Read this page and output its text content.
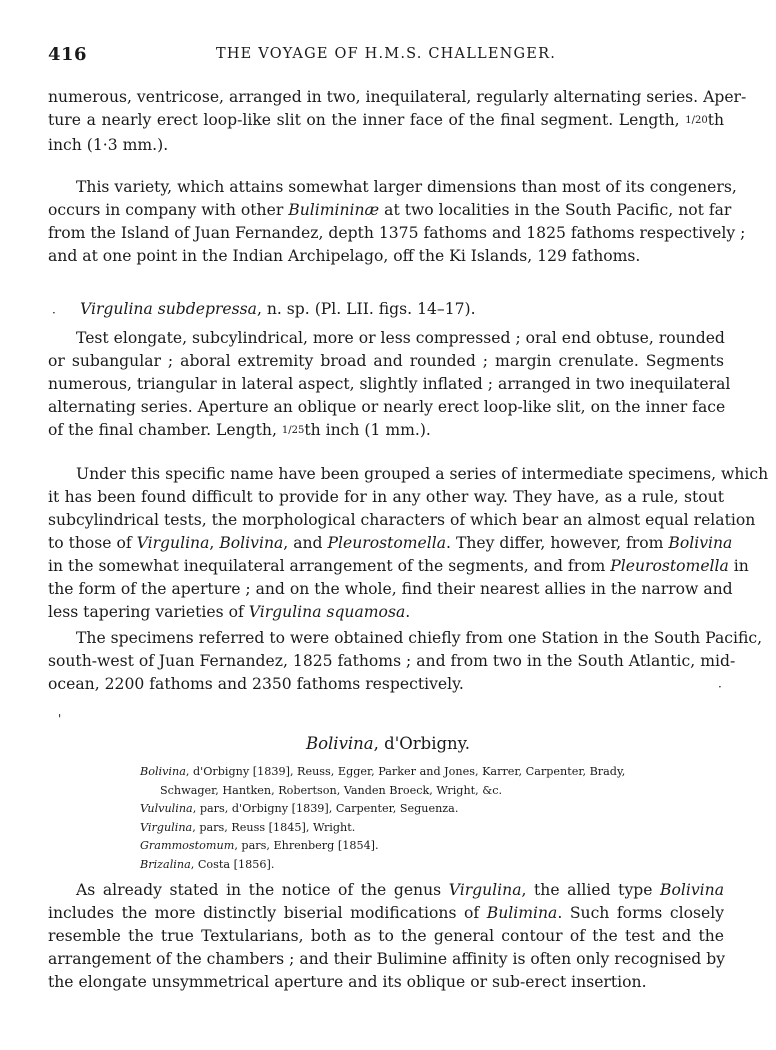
416	THE VOYAGE OF H.M.S. CHALLENGER.
numerous, ventricose, arranged in two, inequilateral, regularly alternating series. Aper-
ture a nearly erect loop-like slit on the inner face of the final segment. Length, 1/20th
inch (1·3 mm.).
This variety, which attains somewhat larger dimensions than most of its congeners,
occurs in company with other Bulimininæ at two localities in the South Pacific, not far
from the Island of Juan Fernandez, depth 1375 fathoms and 1825 fathoms respectively ;
and at one point in the Indian Archipelago, off the Ki Islands, 129 fathoms.
· Virgulina subdepressa, n. sp. (Pl. LII. figs. 14–17).
Test elongate, subcylindrical, more or less compressed ; oral end obtuse, rounded
or subangular ; aboral extremity broad and rounded ; margin crenulate. Segments
numerous, triangular in lateral aspect, slightly inflated ; arranged in two inequilateral
alternating series. Aperture an oblique or nearly erect loop-like slit, on the inner face
of the final chamber. Length, 1/25th inch (1 mm.).
Under this specific name have been grouped a series of intermediate specimens, which
it has been found difficult to provide for in any other way. They have, as a rule, stout
subcylindrical tests, the morphological characters of which bear an almost equal relation
to those of Virgulina, Bolivina, and Pleurostomella. They differ, however, from Bolivina
in the somewhat inequilateral arrangement of the segments, and from Pleurostomella in
the form of the aperture ; and on the whole, find their nearest allies in the narrow and
less tapering varieties of Virgulina squamosa.
The specimens referred to were obtained chiefly from one Station in the South Pacific,
south-west of Juan Fernandez, 1825 fathoms ; and from two in the South Atlantic, mid-
ocean, 2200 fathoms and 2350 fathoms respectively.	·
'
Bolivina, d'Orbigny.
Bolivina, d'Orbigny [1839], Reuss, Egger, Parker and Jones, Karrer, Carpenter, Brady,
Schwager, Hantken, Robertson, Vanden Broeck, Wright, &c.
Vulvulina, pars, d'Orbigny [1839], Carpenter, Seguenza.
Virgulina, pars, Reuss [1845], Wright.
Grammostomum, pars, Ehrenberg [1854].
Brizalina, Costa [1856].
As already stated in the notice of the genus Virgulina, the allied type Bolivina
includes the more distinctly biserial modifications of Bulimina. Such forms closely
resemble the true Textularians, both as to the general contour of the test and the
arrangement of the chambers ; and their Bulimine affinity is often only recognised by
the elongate unsymmetrical aperture and its oblique or sub-erect insertion.
